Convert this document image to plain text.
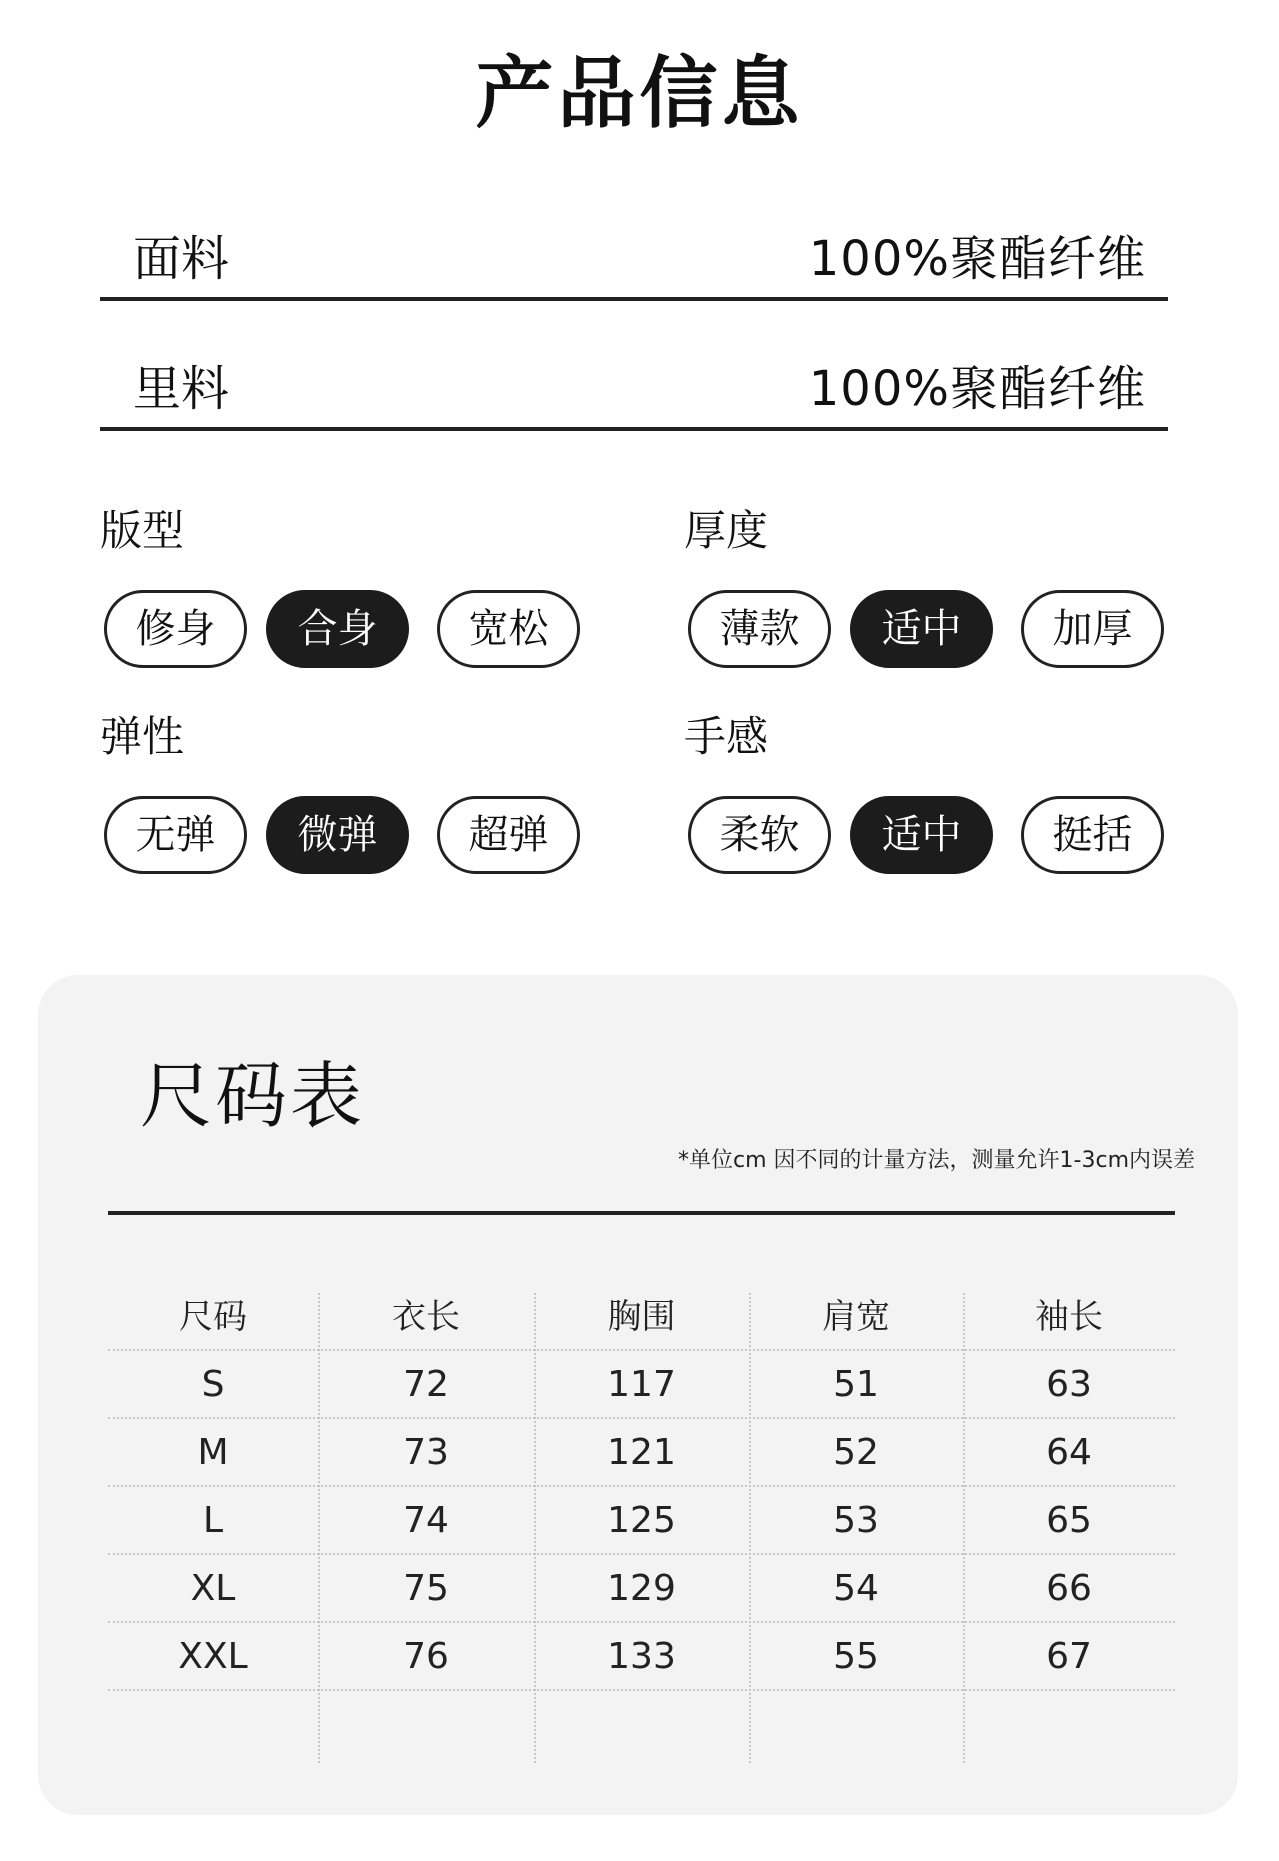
产品信息
面料	100%聚酯纤维
里料	100%聚酯纤维
版型
修身	合身	宽松
厚度
薄款	适中	加厚
弹性
无弹	微弹	超弹
手感
柔软	适中	挺括
尺码表
*单位cm 因不同的计量方法，测量允许1-3cm内误差
尺码	衣长	胸围	肩宽	袖长
S	72	117	51	63
M	73	121	52	64
L	74	125	53	65
XL	75	129	54	66
XXL	76	133	55	67
